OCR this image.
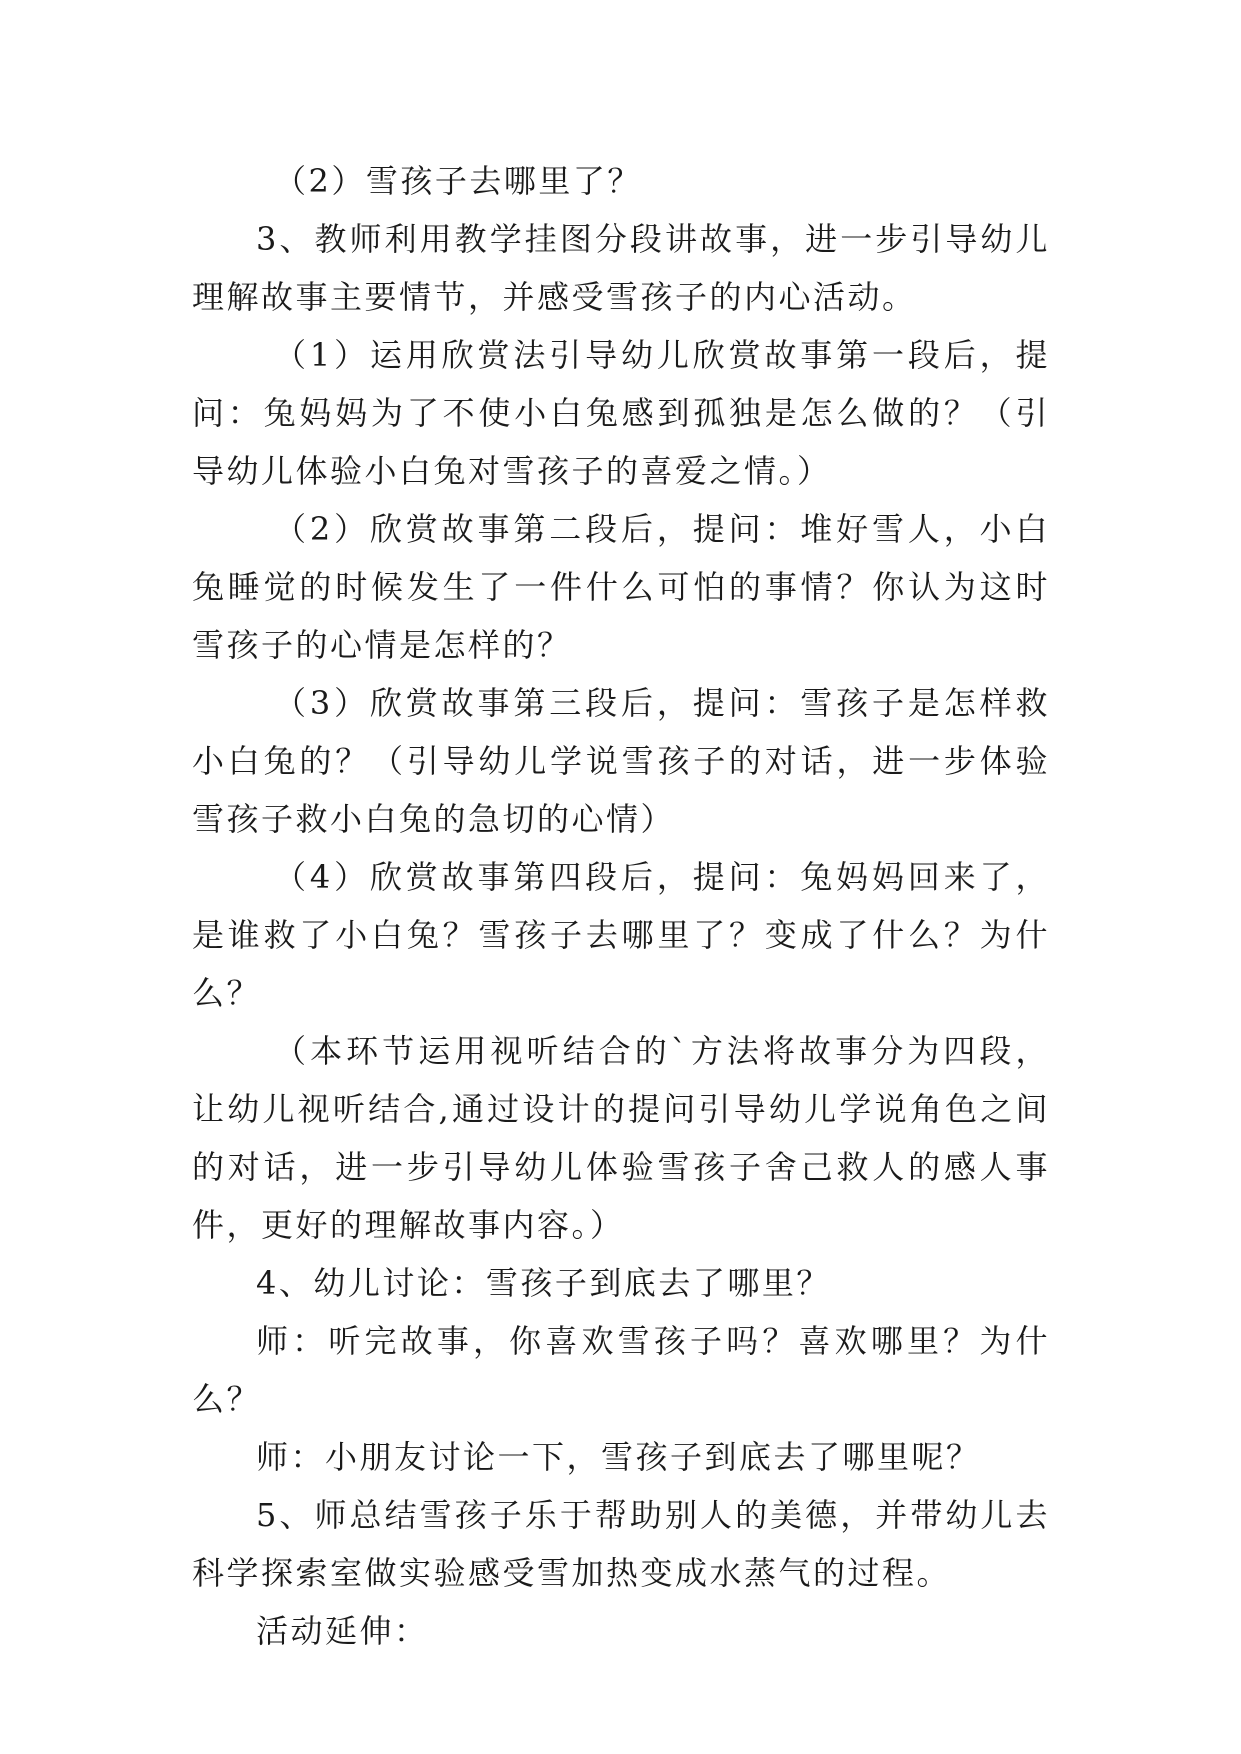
（2）雪孩子去哪里了？

3、教师利用教学挂图分段讲故事，进一步引导幼儿理解故事主要情节，并感受雪孩子的内心活动。

（1）运用欣赏法引导幼儿欣赏故事第一段后，提问：兔妈妈为了不使小白兔感到孤独是怎么做的？（引导幼儿体验小白兔对雪孩子的喜爱之情。）

（2）欣赏故事第二段后，提问：堆好雪人，小白兔睡觉的时候发生了一件什么可怕的事情？你认为这时雪孩子的心情是怎样的？

（3）欣赏故事第三段后，提问：雪孩子是怎样救小白兔的？（引导幼儿学说雪孩子的对话，进一步体验雪孩子救小白兔的急切的心情）

（4）欣赏故事第四段后，提问：兔妈妈回来了，是谁救了小白兔？雪孩子去哪里了？变成了什么？为什么？

（本环节运用视听结合的`方法将故事分为四段，让幼儿视听结合,通过设计的提问引导幼儿学说角色之间的对话，进一步引导幼儿体验雪孩子舍己救人的感人事件，更好的理解故事内容。）

4、幼儿讨论：雪孩子到底去了哪里？

师：听完故事，你喜欢雪孩子吗？喜欢哪里？为什么？

师：小朋友讨论一下，雪孩子到底去了哪里呢？

5、师总结雪孩子乐于帮助别人的美德，并带幼儿去科学探索室做实验感受雪加热变成水蒸气的过程。

活动延伸：
